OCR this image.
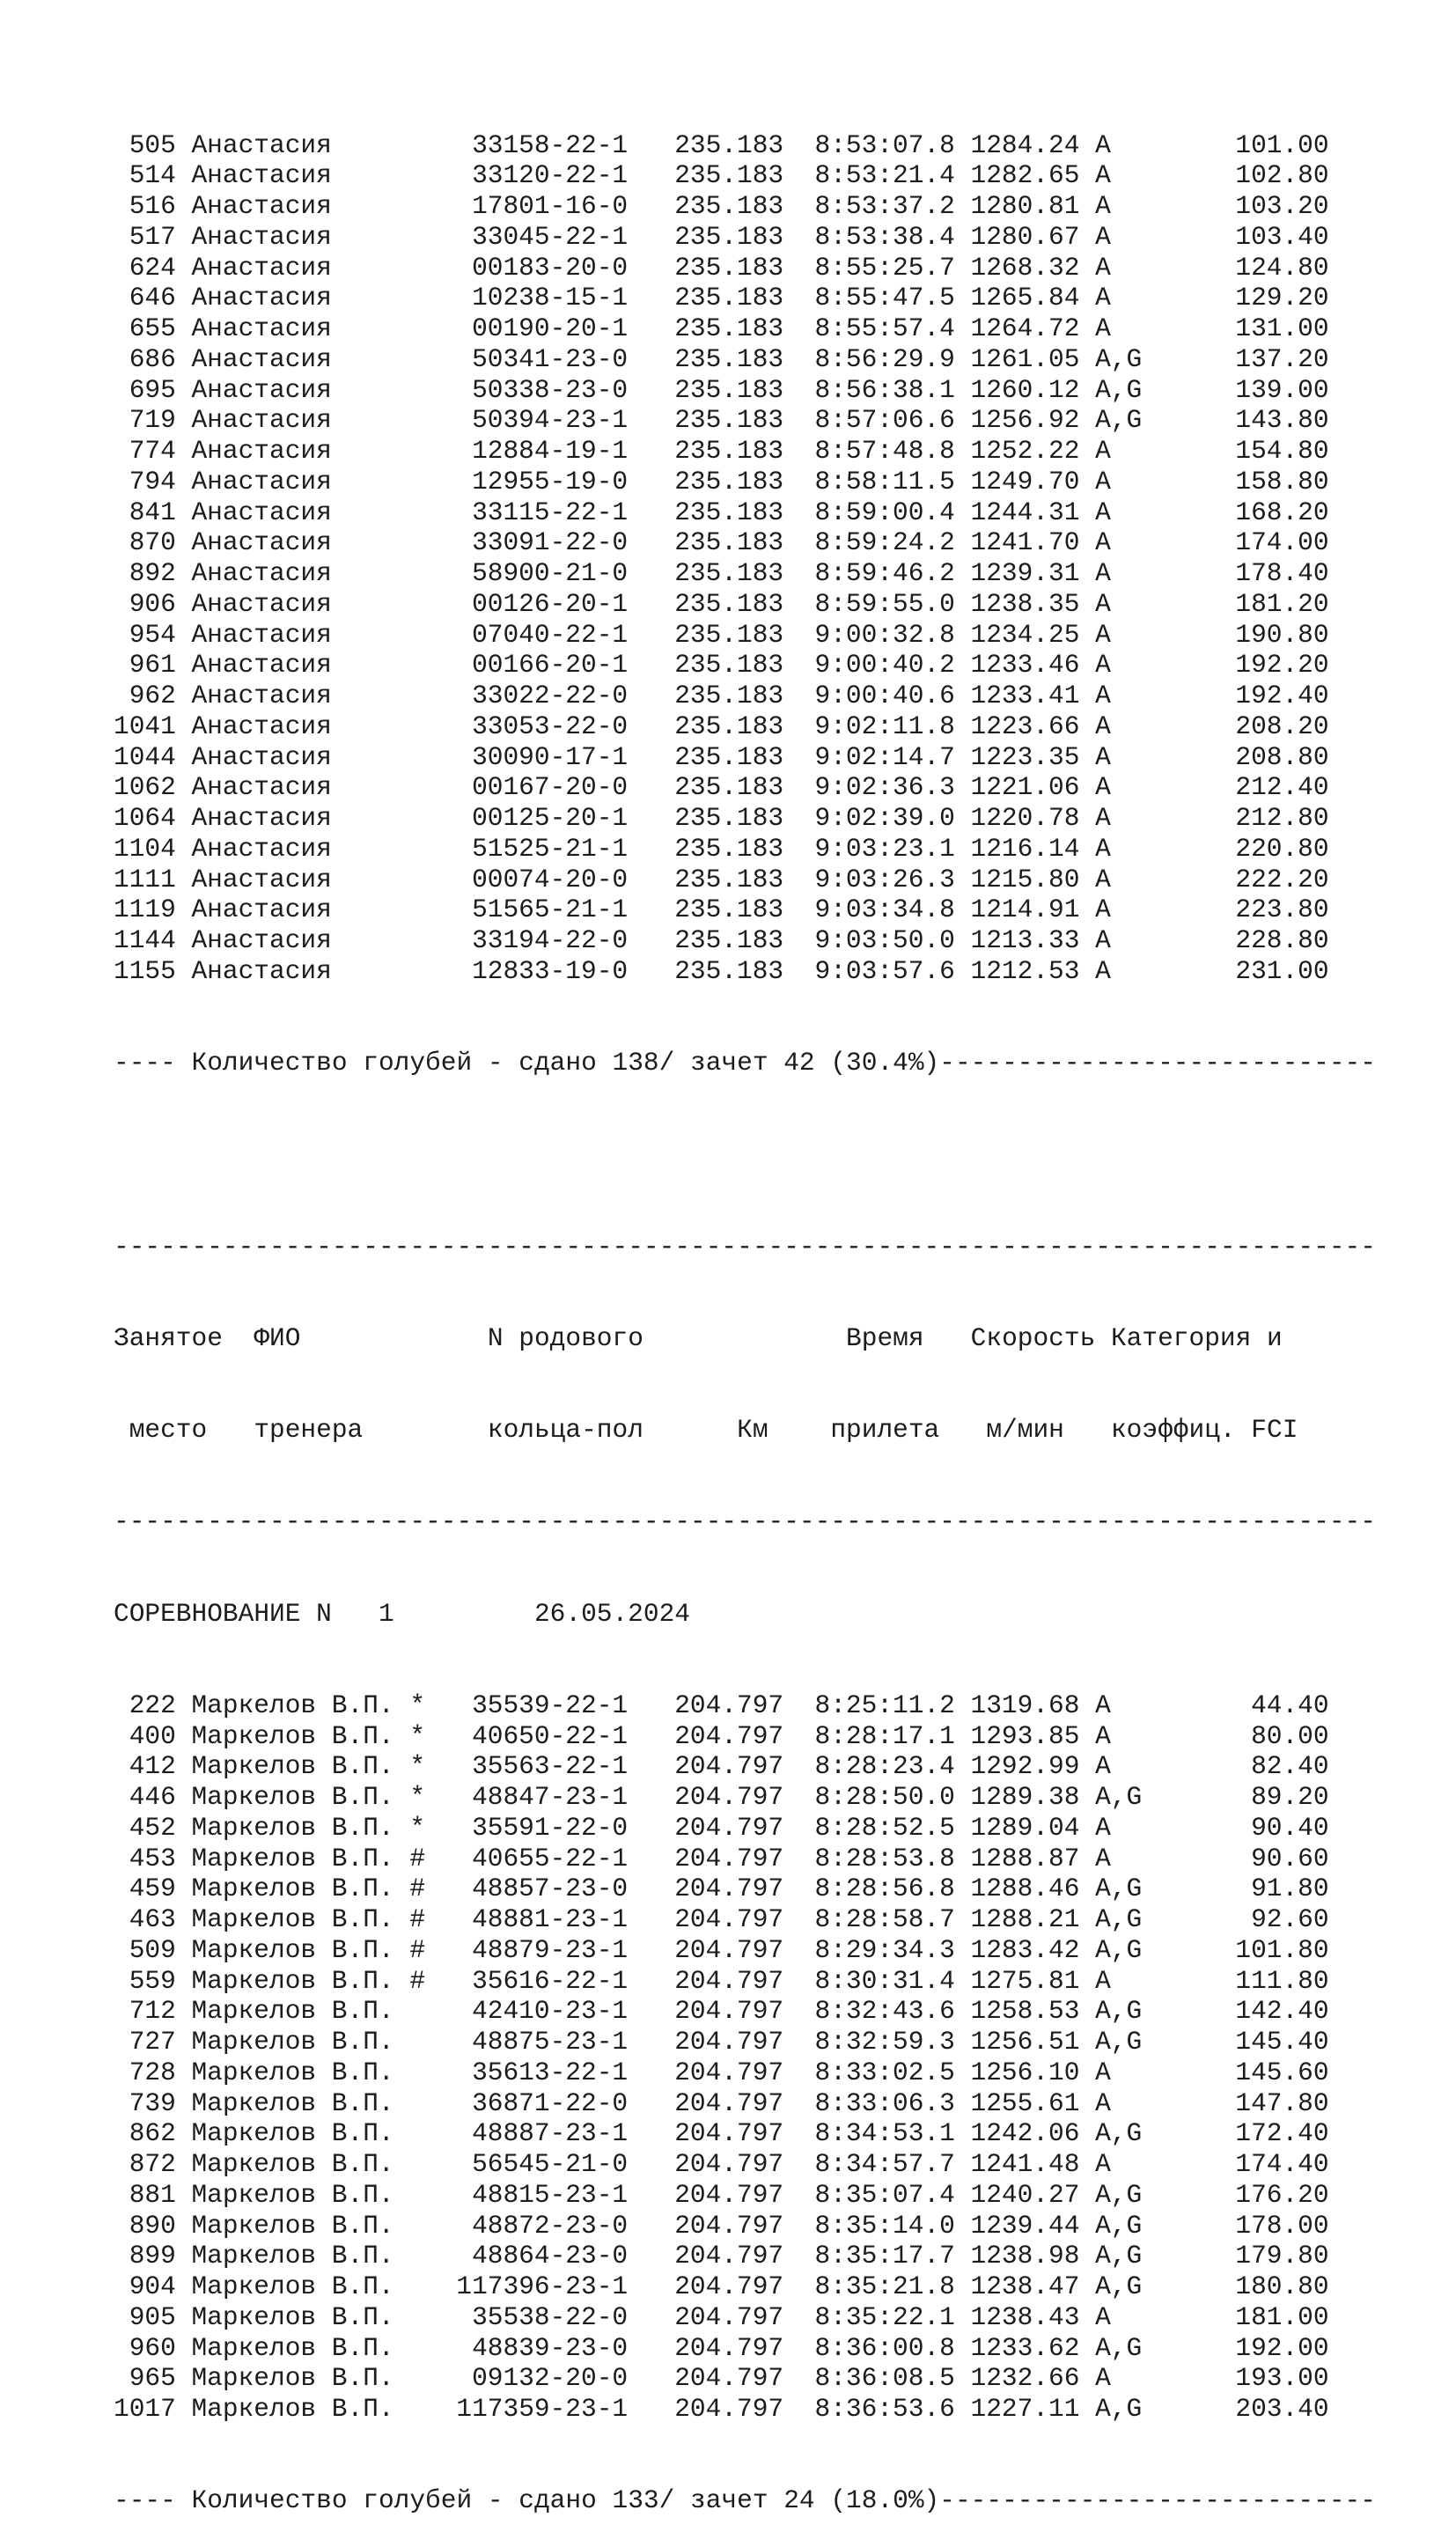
505 Анастасия	33158-22-1 235.183 8:53:07.8 1284.24 A	101.00
514 Анастасия	33120-22-1 235.183 8:53:21.4 1282.65 A	102.80
516 Анастасия	17801-16-0 235.183 8:53:37.2 1280.81 A	103.20
517 Анастасия	33045-22-1 235.183 8:53:38.4 1280.67 A	103.40
624 Анастасия	00183-20-0 235.183 8:55:25.7 1268.32 A	124.80
646 Анастасия	10238-15-1 235.183 8:55:47.5 1265.84 A	129.20
655 Анастасия	00190-20-1 235.183 8:55:57.4 1264.72 A	131.00
686 Анастасия	50341-23-0 235.183 8:56:29.9 1261.05 A,G	137.20
695 Анастасия	50338-23-0 235.183 8:56:38.1 1260.12 A,G	139.00
719 Анастасия	50394-23-1 235.183 8:57:06.6 1256.92 A,G	143.80
774 Анастасия	12884-19-1 235.183 8:57:48.8 1252.22 A	154.80
794 Анастасия	12955-19-0 235.183 8:58:11.5 1249.70 A	158.80
841 Анастасия	33115-22-1 235.183 8:59:00.4 1244.31 A	168.20
870 Анастасия	33091-22-0 235.183 8:59:24.2 1241.70 A	174.00
892 Анастасия	58900-21-0 235.183 8:59:46.2 1239.31 A	178.40
906 Анастасия	00126-20-1 235.183 8:59:55.0 1238.35 A	181.20
954 Анастасия	07040-22-1 235.183 9:00:32.8 1234.25 A	190.80
961 Анастасия	00166-20-1 235.183 9:00:40.2 1233.46 A	192.20
962 Анастасия	33022-22-0 235.183 9:00:40.6 1233.41 A	192.40
1041 Анастасия	33053-22-0 235.183 9:02:11.8 1223.66 A	208.20
1044 Анастасия	30090-17-1 235.183 9:02:14.7 1223.35 A	208.80
1062 Анастасия	00167-20-0 235.183 9:02:36.3 1221.06 A	212.40
1064 Анастасия	00125-20-1 235.183 9:02:39.0 1220.78 A	212.80
1104 Анастасия	51525-21-1 235.183 9:03:23.1 1216.14 A	220.80
1111 Анастасия	00074-20-0 235.183 9:03:26.3 1215.80 A	222.20
1119 Анастасия	51565-21-1 235.183 9:03:34.8 1214.91 A	223.80
1144 Анастасия	33194-22-0 235.183 9:03:50.0 1213.33 A	228.80
1155 Анастасия	12833-19-0 235.183 9:03:57.6 1212.53 A	231.00

---- Количество голубей - сдано 138/ зачет 42 (30.4%)----------------------------

---------------------------------------------------------------------------------

Занятое  ФИО            N родового             Время   Скорость Категория и

место   тренера        кольца-пол      Км    прилета   м/мин   коэффиц. FCI

---------------------------------------------------------------------------------

СОРЕВНОВАНИЕ N   1	26.05.2024

222 Маркелов В.П. * 35539-22-1 204.797 8:25:11.2 1319.68 A	44.40
400 Маркелов В.П. * 40650-22-1 204.797 8:28:17.1 1293.85 A	80.00
412 Маркелов В.П. * 35563-22-1 204.797 8:28:23.4 1292.99 A	82.40
446 Маркелов В.П. * 48847-23-1 204.797 8:28:50.0 1289.38 A,G	89.20
452 Маркелов В.П. * 35591-22-0 204.797 8:28:52.5 1289.04 A	90.40
453 Маркелов В.П. # 40655-22-1 204.797 8:28:53.8 1288.87 A	90.60
459 Маркелов В.П. # 48857-23-0 204.797 8:28:56.8 1288.46 A,G	91.80
463 Маркелов В.П. # 48881-23-1 204.797 8:28:58.7 1288.21 A,G	92.60
509 Маркелов В.П. # 48879-23-1 204.797 8:29:34.3 1283.42 A,G	101.80
559 Маркелов В.П. # 35616-22-1 204.797 8:30:31.4 1275.81 A	111.80
712 Маркелов В.П.	42410-23-1 204.797 8:32:43.6 1258.53 A,G	142.40
727 Маркелов В.П.	48875-23-1 204.797 8:32:59.3 1256.51 A,G	145.40
728 Маркелов В.П.	35613-22-1 204.797 8:33:02.5 1256.10 A	145.60
739 Маркелов В.П.	36871-22-0 204.797 8:33:06.3 1255.61 A	147.80
862 Маркелов В.П.	48887-23-1 204.797 8:34:53.1 1242.06 A,G	172.40
872 Маркелов В.П.	56545-21-0 204.797 8:34:57.7 1241.48 A	174.40
881 Маркелов В.П.	48815-23-1 204.797 8:35:07.4 1240.27 A,G	176.20
890 Маркелов В.П.	48872-23-0 204.797 8:35:14.0 1239.44 A,G	178.00
899 Маркелов В.П.	48864-23-0 204.797 8:35:17.7 1238.98 A,G	179.80
904 Маркелов В.П. 117396-23-1 204.797 8:35:21.8 1238.47 A,G	180.80
905 Маркелов В.П.	35538-22-0 204.797 8:35:22.1 1238.43 A	181.00
960 Маркелов В.П.	48839-23-0 204.797 8:36:00.8 1233.62 A,G	192.00
965 Маркелов В.П.	09132-20-0 204.797 8:36:08.5 1232.66 A	193.00
1017 Маркелов В.П. 117359-23-1 204.797 8:36:53.6 1227.11 A,G	203.40

---- Количество голубей - сдано 133/ зачет 24 (18.0%)----------------------------
